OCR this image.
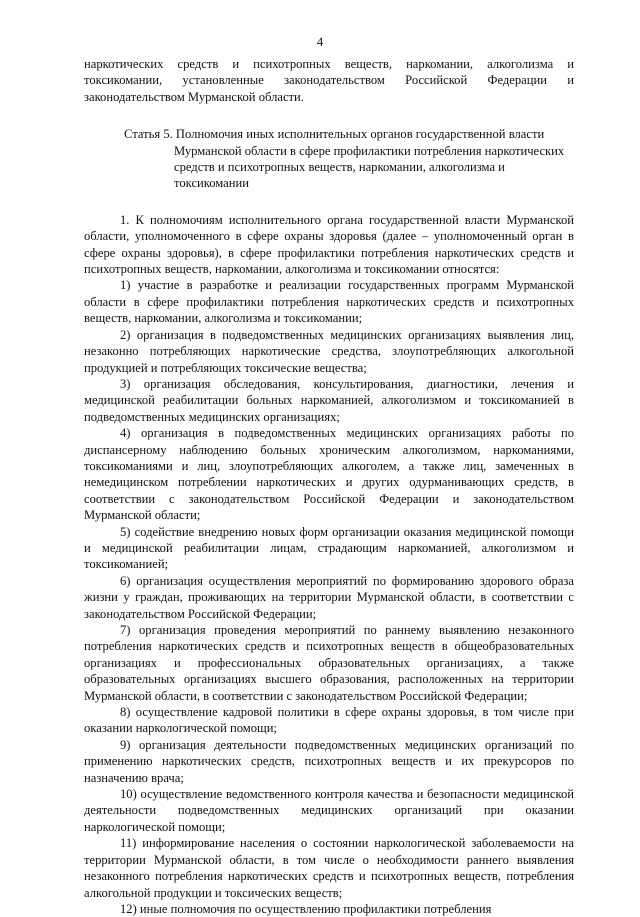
4

наркотических средств и психотропных веществ, наркомании, алкоголизма и токсикомании, установленные законодательством Российской Федерации и законодательством Мурманской области.

Статья 5. Полномочия иных исполнительных органов государственной власти Мурманской области в сфере профилактики потребления наркотических средств и психотропных веществ, наркомании, алкоголизма и токсикомании

1. К полномочиям исполнительного органа государственной власти Мурманской области, уполномоченного в сфере охраны здоровья (далее – уполномоченный орган в сфере охраны здоровья), в сфере профилактики потребления наркотических средств и психотропных веществ, наркомании, алкоголизма и токсикомании относятся:

1) участие в разработке и реализации государственных программ Мурманской области в сфере профилактики потребления наркотических средств и психотропных веществ, наркомании, алкоголизма и токсикомании;

2) организация в подведомственных медицинских организациях выявления лиц, незаконно потребляющих наркотические средства, злоупотребляющих алкогольной продукцией и потребляющих токсические вещества;

3) организация обследования, консультирования, диагностики, лечения и медицинской реабилитации больных наркоманией, алкоголизмом и токсикоманией в подведомственных медицинских организациях;

4) организация в подведомственных медицинских организациях работы по диспансерному наблюдению больных хроническим алкоголизмом, наркоманиями, токсикоманиями и лиц, злоупотребляющих алкоголем, а также лиц, замеченных в немедицинском потреблении наркотических и других одурманивающих средств, в соответствии с законодательством Российской Федерации и законодательством Мурманской области;

5) содействие внедрению новых форм организации оказания медицинской помощи и медицинской реабилитации лицам, страдающим наркоманией, алкоголизмом и токсикоманией;

6) организация осуществления мероприятий по формированию здорового образа жизни у граждан, проживающих на территории Мурманской области, в соответствии с законодательством Российской Федерации;

7) организация проведения мероприятий по раннему выявлению незаконного потребления наркотических средств и психотропных веществ в общеобразовательных организациях и профессиональных образовательных организациях, а также образовательных организациях высшего образования, расположенных на территории Мурманской области, в соответствии с законодательством Российской Федерации;

8) осуществление кадровой политики в сфере охраны здоровья, в том числе при оказании наркологической помощи;

9) организация деятельности подведомственных медицинских организаций по применению наркотических средств, психотропных веществ и их прекурсоров по назначению врача;

10) осуществление ведомственного контроля качества и безопасности медицинской деятельности подведомственных медицинских организаций при оказании наркологической помощи;

11) информирование населения о состоянии наркологической заболеваемости на территории Мурманской области, в том числе о необходимости раннего выявления незаконного потребления наркотических средств и психотропных веществ, потребления алкогольной продукции и токсических веществ;

12) иные полномочия по осуществлению профилактики потребления
